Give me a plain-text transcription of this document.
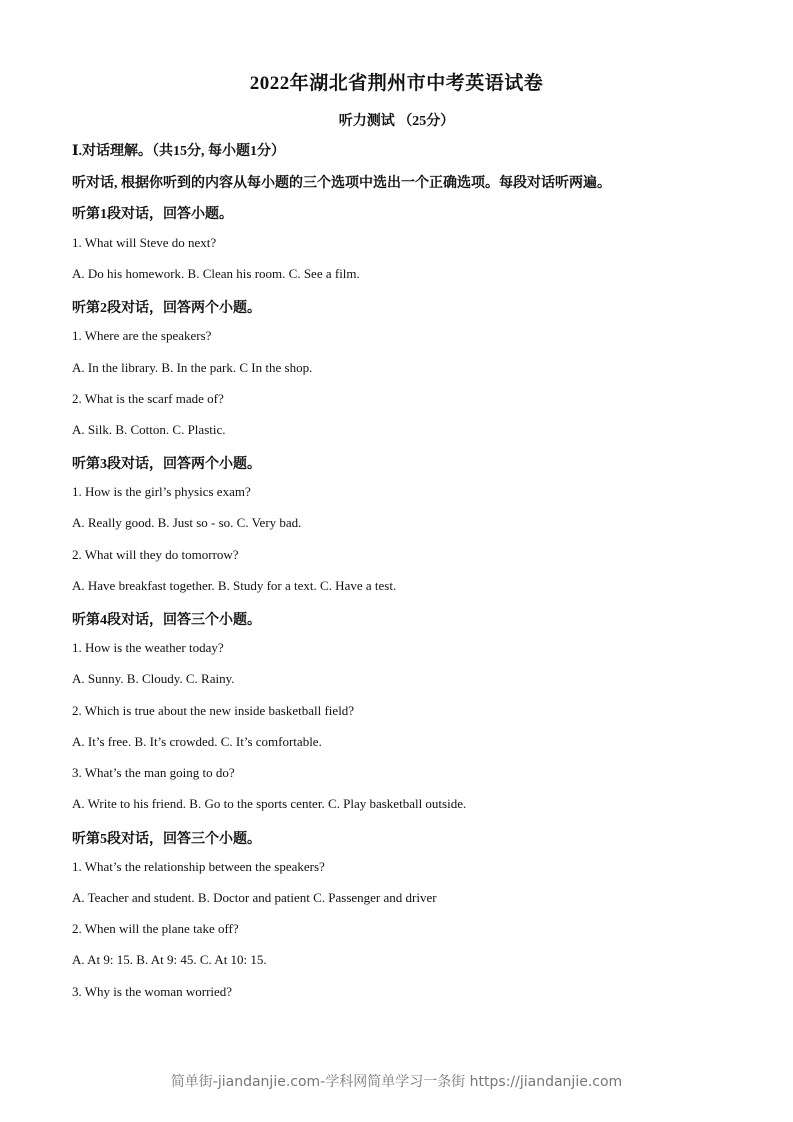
2022年湖北省荆州市中考英语试卷
听力测试 （25分）
Ⅰ.对话理解。（共15分, 每小题1分）
听对话, 根据你听到的内容从每小题的三个选项中选出一个正确选项。每段对话听两遍。
听第1段对话，回答小题。
1. What will Steve do next?
A. Do his homework. B. Clean his room. C. See a film.
听第2段对话，回答两个小题。
1. Where are the speakers?
A. In the library. B. In the park. C In the shop.
2. What is the scarf made of?
A. Silk. B. Cotton. C. Plastic.
听第3段对话，回答两个小题。
1. How is the girl’s physics exam?
A. Really good. B. Just so - so. C. Very bad.
2. What will they do tomorrow?
A. Have breakfast together. B. Study for a text. C. Have a test.
听第4段对话，回答三个小题。
1. How is the weather today?
A. Sunny. B. Cloudy. C. Rainy.
2. Which is true about the new inside basketball field?
A. It’s free. B. It’s crowded. C. It’s comfortable.
3. What’s the man going to do?
A. Write to his friend. B. Go to the sports center. C. Play basketball outside.
听第5段对话，回答三个小题。
1. What’s the relationship between the speakers?
A. Teacher and student. B. Doctor and patient C. Passenger and driver
2. When will the plane take off?
A. At 9: 15. B. At 9: 45. C. At 10: 15.
3. Why is the woman worried?
简单街-jiandanjie.com-学科网简单学习一条街 https://jiandanjie.com
